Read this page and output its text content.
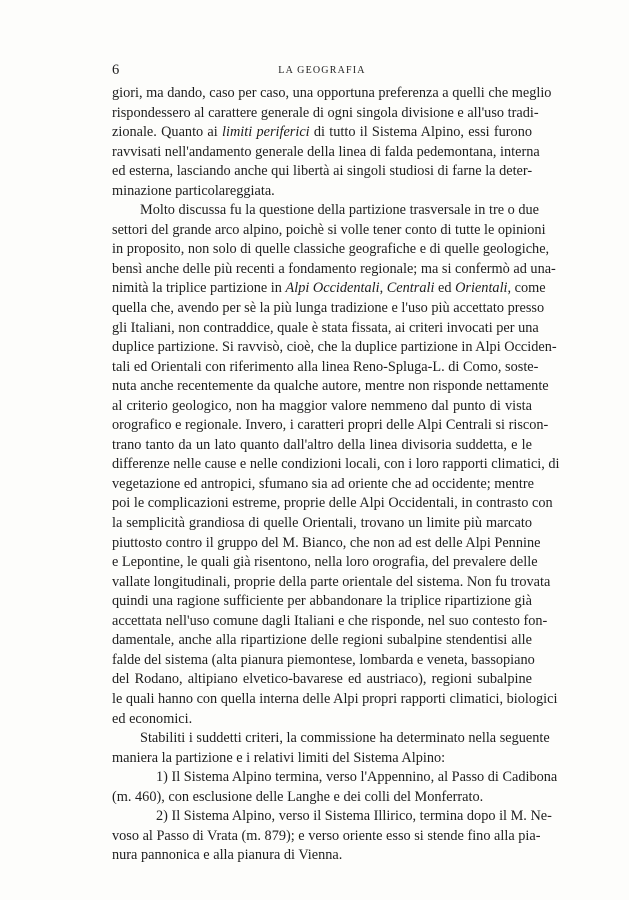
6	LA GEOGRAFIA
giori, ma dando, caso per caso, una opportuna preferenza a quelli che meglio
rispondessero al carattere generale di ogni singola divisione e all'uso tradi-
zionale. Quanto ai limiti periferici di tutto il Sistema Alpino, essi furono
ravvisati nell'andamento generale della linea di falda pedemontana, interna
ed esterna, lasciando anche qui libertà ai singoli studiosi di farne la deter-
minazione particolareggiata.
Molto discussa fu la questione della partizione trasversale in tre o due
settori del grande arco alpino, poichè si volle tener conto di tutte le opinioni
in proposito, non solo di quelle classiche geografiche e di quelle geologiche,
bensì anche delle più recenti a fondamento regionale; ma si confermò ad una-
nimità la triplice partizione in Alpi Occidentali, Centrali ed Orientali, come
quella che, avendo per sè la più lunga tradizione e l'uso più accettato presso
gli Italiani, non contraddice, quale è stata fissata, ai criteri invocati per una
duplice partizione. Si ravvisò, cioè, che la duplice partizione in Alpi Occiden-
tali ed Orientali con riferimento alla linea Reno-Spluga-L. di Como, soste-
nuta anche recentemente da qualche autore, mentre non risponde nettamente
al criterio geologico, non ha maggior valore nemmeno dal punto di vista
orografico e regionale. Invero, i caratteri propri delle Alpi Centrali si riscon-
trano tanto da un lato quanto dall'altro della linea divisoria suddetta, e le
differenze nelle cause e nelle condizioni locali, con i loro rapporti climatici, di
vegetazione ed antropici, sfumano sia ad oriente che ad occidente; mentre
poi le complicazioni estreme, proprie delle Alpi Occidentali, in contrasto con
la semplicità grandiosa di quelle Orientali, trovano un limite più marcato
piuttosto contro il gruppo del M. Bianco, che non ad est delle Alpi Pennine
e Lepontine, le quali già risentono, nella loro orografia, del prevalere delle
vallate longitudinali, proprie della parte orientale del sistema. Non fu trovata
quindi una ragione sufficiente per abbandonare la triplice ripartizione già
accettata nell'uso comune dagli Italiani e che risponde, nel suo contesto fon-
damentale, anche alla ripartizione delle regioni subalpine stendentisi alle
falde del sistema (alta pianura piemontese, lombarda e veneta, bassopiano
del Rodano, altipiano elvetico-bavarese ed austriaco), regioni subalpine
le quali hanno con quella interna delle Alpi propri rapporti climatici, biologici
ed economici.
Stabiliti i suddetti criteri, la commissione ha determinato nella seguente
maniera la partizione e i relativi limiti del Sistema Alpino:
1) Il Sistema Alpino termina, verso l'Appennino, al Passo di Cadibona
(m. 460), con esclusione delle Langhe e dei colli del Monferrato.
2) Il Sistema Alpino, verso il Sistema Illirico, termina dopo il M. Ne-
voso al Passo di Vrata (m. 879); e verso oriente esso si stende fino alla pia-
nura pannonica e alla pianura di Vienna.
